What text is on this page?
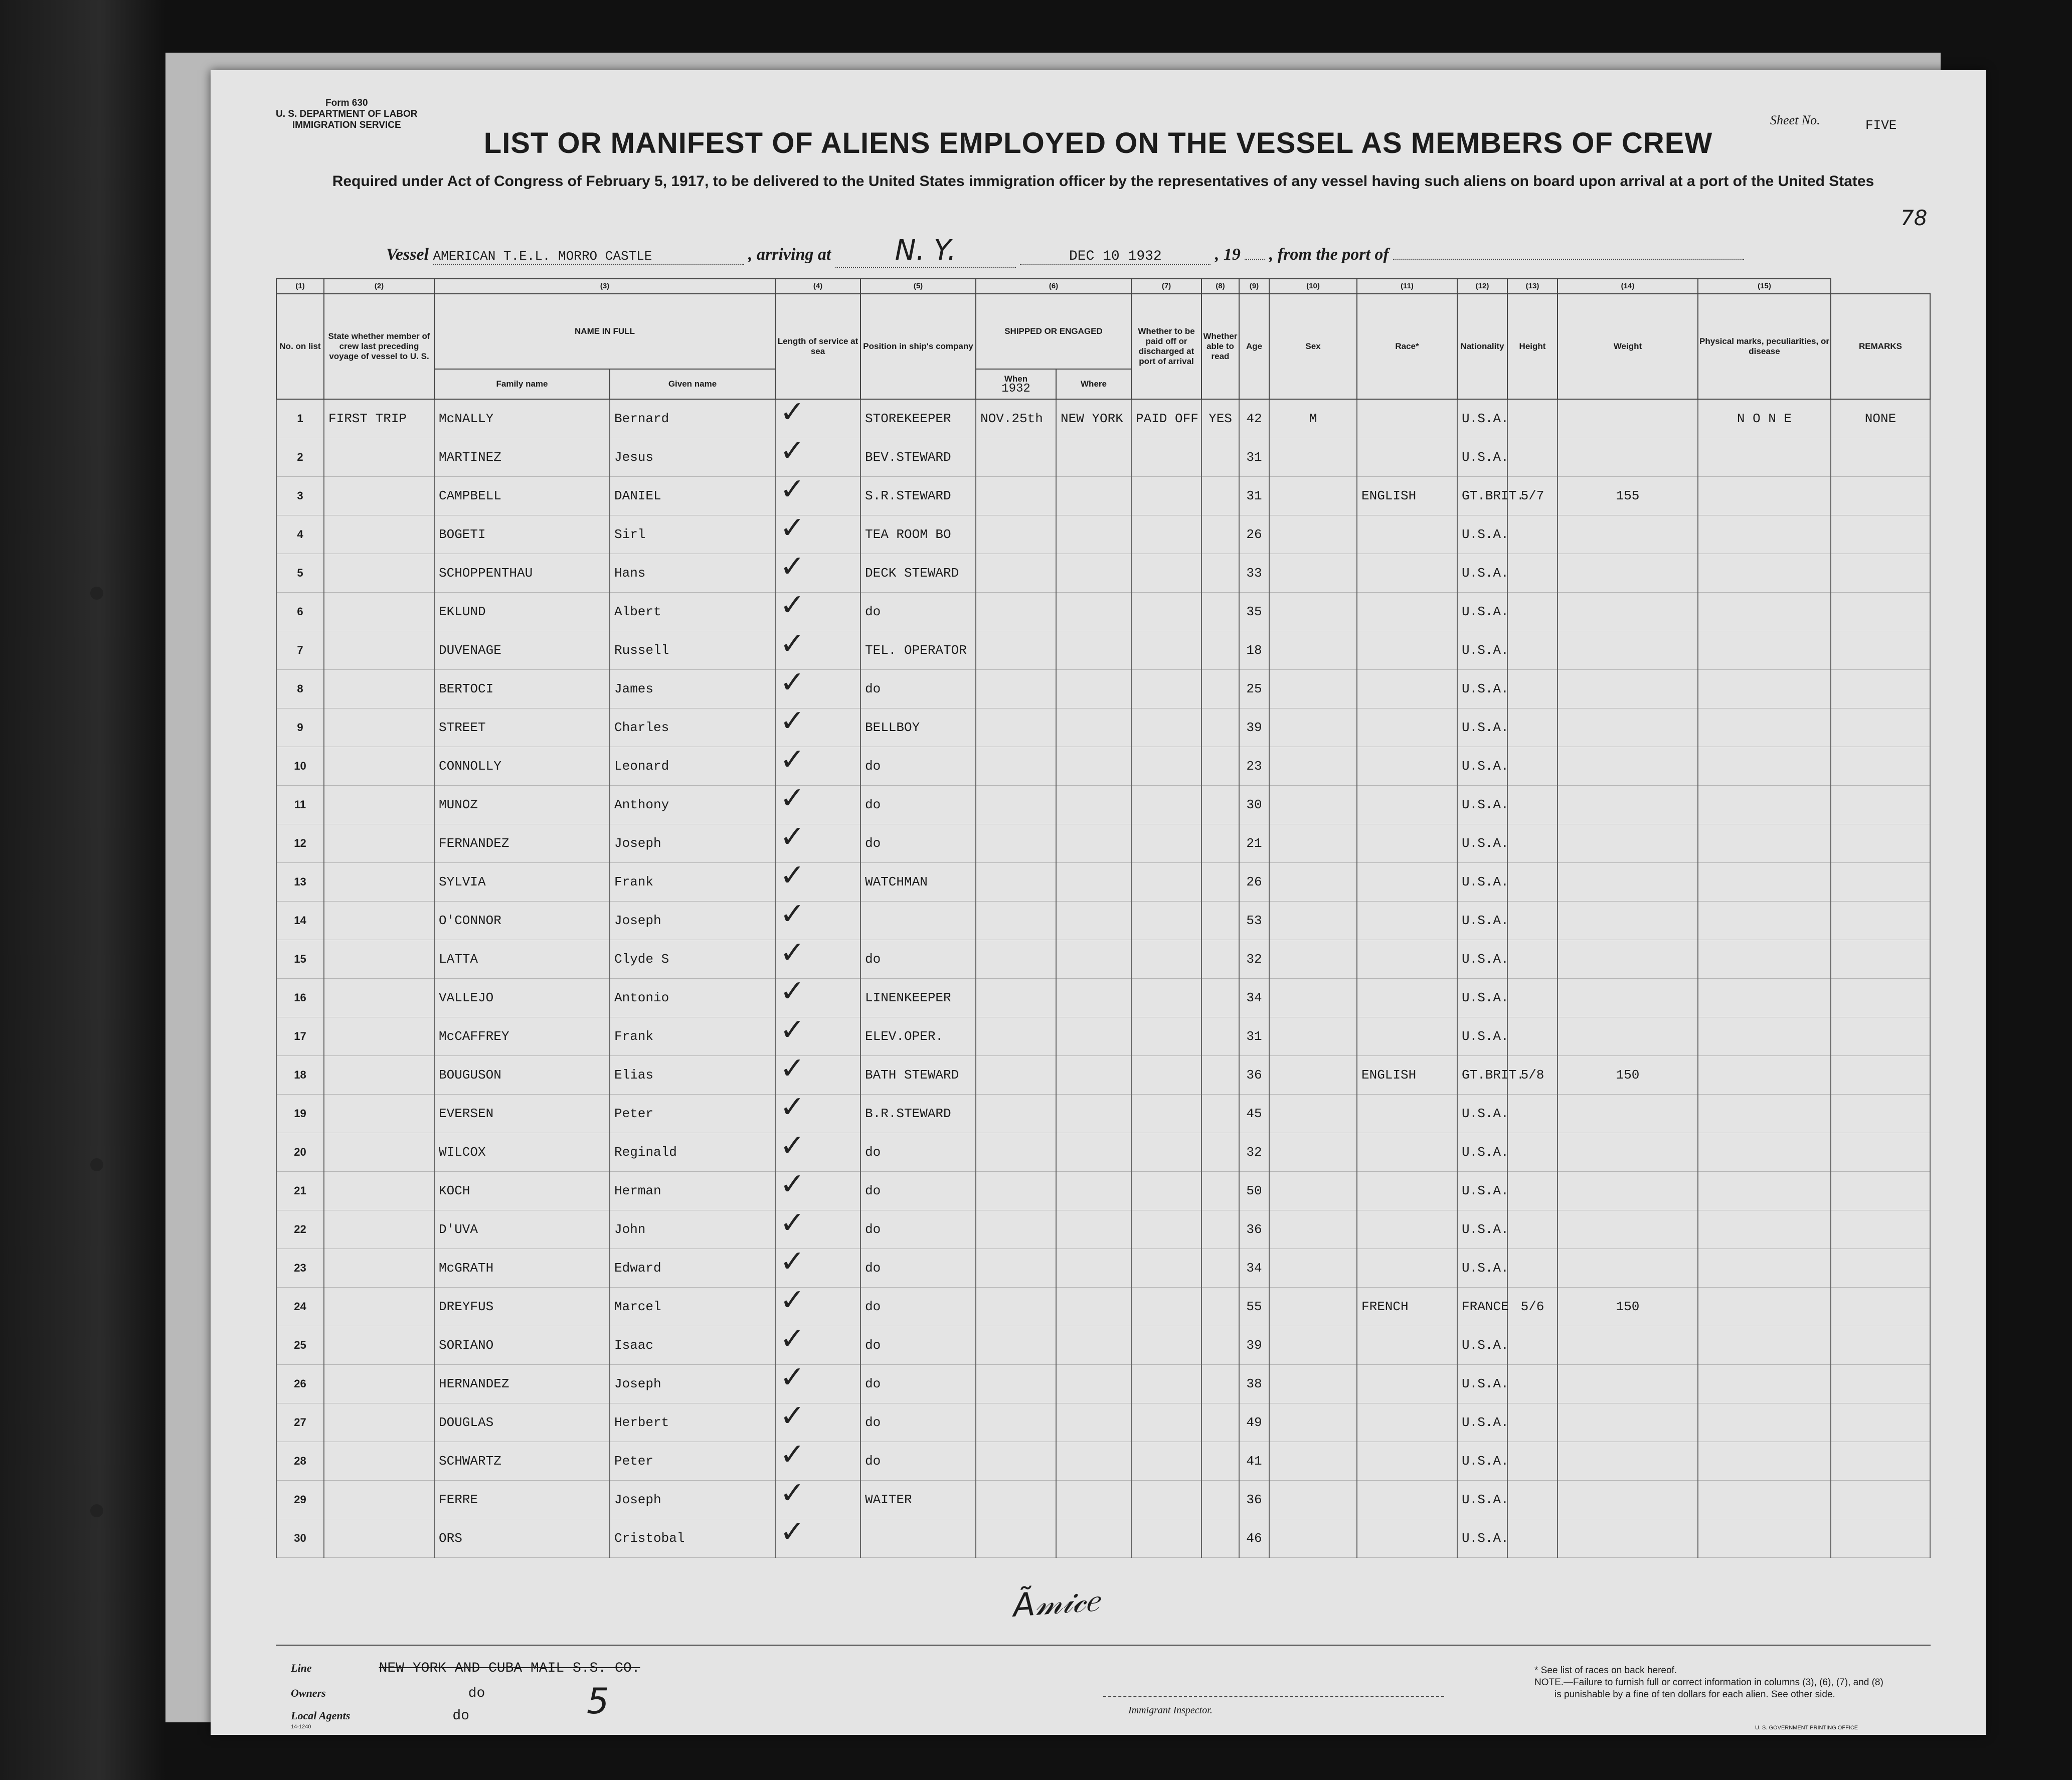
Form 630
U. S. DEPARTMENT OF LABOR
IMMIGRATION SERVICE
LIST OR MANIFEST OF ALIENS EMPLOYED ON THE VESSEL AS MEMBERS OF CREW
Sheet No.	FIVE
Required under Act of Congress of February 5, 1917, to be delivered to the United States immigration officer by the representatives of any vessel having such aliens on board upon arrival at a port of the United States
78
Vessel AMERICAN T.E.L. MORRO CASTLE	, arriving at N. Y.	DEC 10 1932	, 19 , from the port of
(1)	(2)	(3)		(4)	(5)	(6)		(7)	(8)	(9)	(10)	(11)	(12)	(13)	(14)	(15)	
No. on list	State whether member of crew last preceding voyage of vessel to U. S.	NAME IN FULL		Length of service at sea	Position in ship's company	SHIPPED OR ENGAGED		Whether to be paid off or discharged at port of arrival	Whether able to read	Age	Sex	Race*	Nationality	Height	Weight	Physical marks, peculiarities, or disease	REMARKS
		Family name	Given name			When
1932	Where										
1	FIRST TRIP	McNALLY	Bernard	✓	STOREKEEPER	NOV.25th	NEW YORK	PAID OFF	YES	42	M		U.S.A.			N O N E	NONE
2		MARTINEZ	Jesus	✓	BEV.STEWARD					31			U.S.A.				
3		CAMPBELL	DANIEL	✓	S.R.STEWARD					31		ENGLISH	GT.BRIT.	5/7	155		
4		BOGETI	Sirl	✓	TEA ROOM BO					26			U.S.A.				
5		SCHOPPENTHAU	Hans	✓	DECK STEWARD					33			U.S.A.				
6		EKLUND	Albert	✓	do					35			U.S.A.				
7		DUVENAGE	Russell	✓	TEL. OPERATOR					18			U.S.A.				
8		BERTOCI	James	✓	do					25			U.S.A.				
9		STREET	Charles	✓	BELLBOY					39			U.S.A.				
10		CONNOLLY	Leonard	✓	do					23			U.S.A.				
11		MUNOZ	Anthony	✓	do					30			U.S.A.				
12		FERNANDEZ	Joseph	✓	do					21			U.S.A.				
13		SYLVIA	Frank	✓	WATCHMAN					26			U.S.A.				
14		O'CONNOR	Joseph	✓						53			U.S.A.				
15		LATTA	Clyde S	✓	do					32			U.S.A.				
16		VALLEJO	Antonio	✓	LINENKEEPER					34			U.S.A.				
17		McCAFFREY	Frank	✓	ELEV.OPER.					31			U.S.A.				
18		BOUGUSON	Elias	✓	BATH STEWARD					36		ENGLISH	GT.BRIT.	5/8	150		
19		EVERSEN	Peter	✓	B.R.STEWARD					45			U.S.A.				
20		WILCOX	Reginald	✓	do					32			U.S.A.				
21		KOCH	Herman	✓	do					50			U.S.A.				
22		D'UVA	John	✓	do					36			U.S.A.				
23		McGRATH	Edward	✓	do					34			U.S.A.				
24		DREYFUS	Marcel	✓	do					55		FRENCH	FRANCE	5/6	150		
25		SORIANO	Isaac	✓	do					39			U.S.A.				
26		HERNANDEZ	Joseph	✓	do					38			U.S.A.				
27		DOUGLAS	Herbert	✓	do					49			U.S.A.				
28		SCHWARTZ	Peter	✓	do					41			U.S.A.				
29		FERRE	Joseph	✓	WAITER					36			U.S.A.				
30		ORS	Cristobal	✓						46			U.S.A.				
Ã𝓂𝒾𝒸𝑒
Line	NEW YORK AND CUBA MAIL S.S. CO.
Owners	do
Local Agents	do
14-1240
5	Immigrant Inspector.
* See list of races on back hereof.
NOTE.—Failure to furnish full or correct information in columns (3), (6), (7), and (8)
is punishable by a fine of ten dollars for each alien. See other side.
U. S. GOVERNMENT PRINTING OFFICE
